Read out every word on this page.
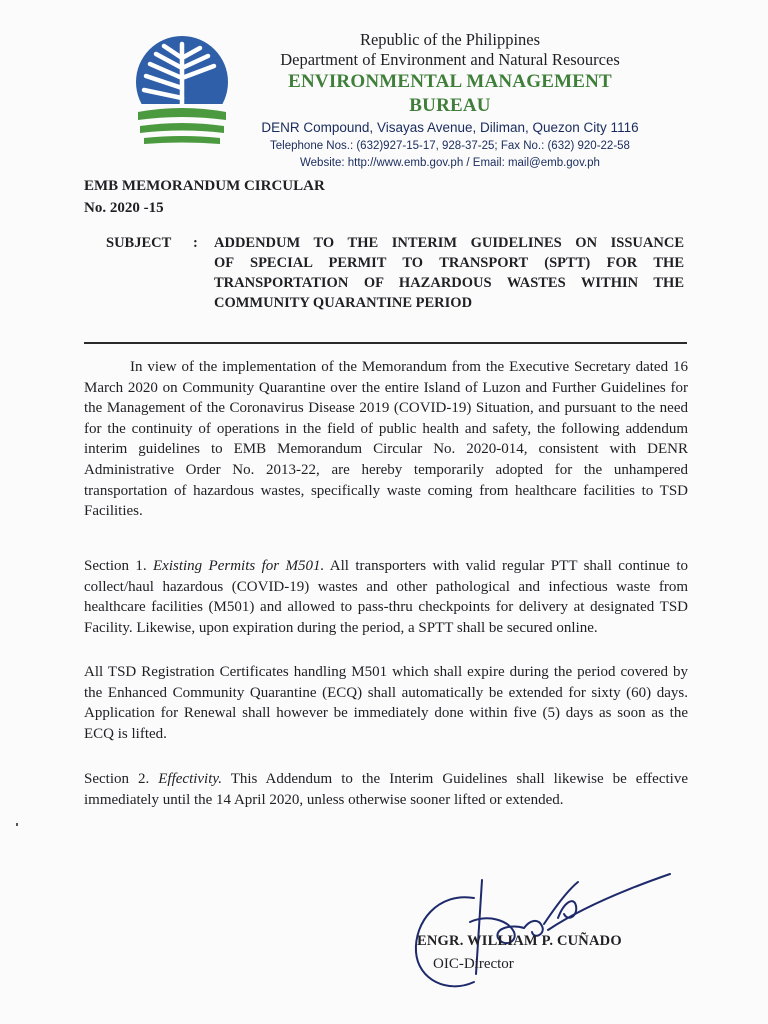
Republic of the Philippines
Department of Environment and Natural Resources
ENVIRONMENTAL MANAGEMENT BUREAU
DENR Compound, Visayas Avenue, Diliman, Quezon City 1116
Telephone Nos.: (632)927-15-17, 928-37-25; Fax No.: (632) 920-22-58
Website: http://www.emb.gov.ph / Email: mail@emb.gov.ph
EMB MEMORANDUM CIRCULAR
No. 2020 -15
SUBJECT : ADDENDUM TO THE INTERIM GUIDELINES ON ISSUANCE
OF SPECIAL PERMIT TO TRANSPORT (SPTT) FOR THE
TRANSPORTATION OF HAZARDOUS WASTES WITHIN THE
COMMUNITY QUARANTINE PERIOD
In view of the implementation of the Memorandum from the Executive Secretary dated 16 March 2020 on Community Quarantine over the entire Island of Luzon and Further Guidelines for the Management of the Coronavirus Disease 2019 (COVID-19) Situation, and pursuant to the need for the continuity of operations in the field of public health and safety, the following addendum interim guidelines to EMB Memorandum Circular No. 2020-014, consistent with DENR Administrative Order No. 2013-22, are hereby temporarily adopted for the unhampered transportation of hazardous wastes, specifically waste coming from healthcare facilities to TSD Facilities.
Section 1. Existing Permits for M501. All transporters with valid regular PTT shall continue to collect/haul hazardous (COVID-19) wastes and other pathological and infectious waste from healthcare facilities (M501) and allowed to pass-thru checkpoints for delivery at designated TSD Facility. Likewise, upon expiration during the period, a SPTT shall be secured online.
All TSD Registration Certificates handling M501 which shall expire during the period covered by the Enhanced Community Quarantine (ECQ) shall automatically be extended for sixty (60) days. Application for Renewal shall however be immediately done within five (5) days as soon as the ECQ is lifted.
Section 2. Effectivity. This Addendum to the Interim Guidelines shall likewise be effective immediately until the 14 April 2020, unless otherwise sooner lifted or extended.
ENGR. WILLIAM P. CUÑADO
OIC-Director
